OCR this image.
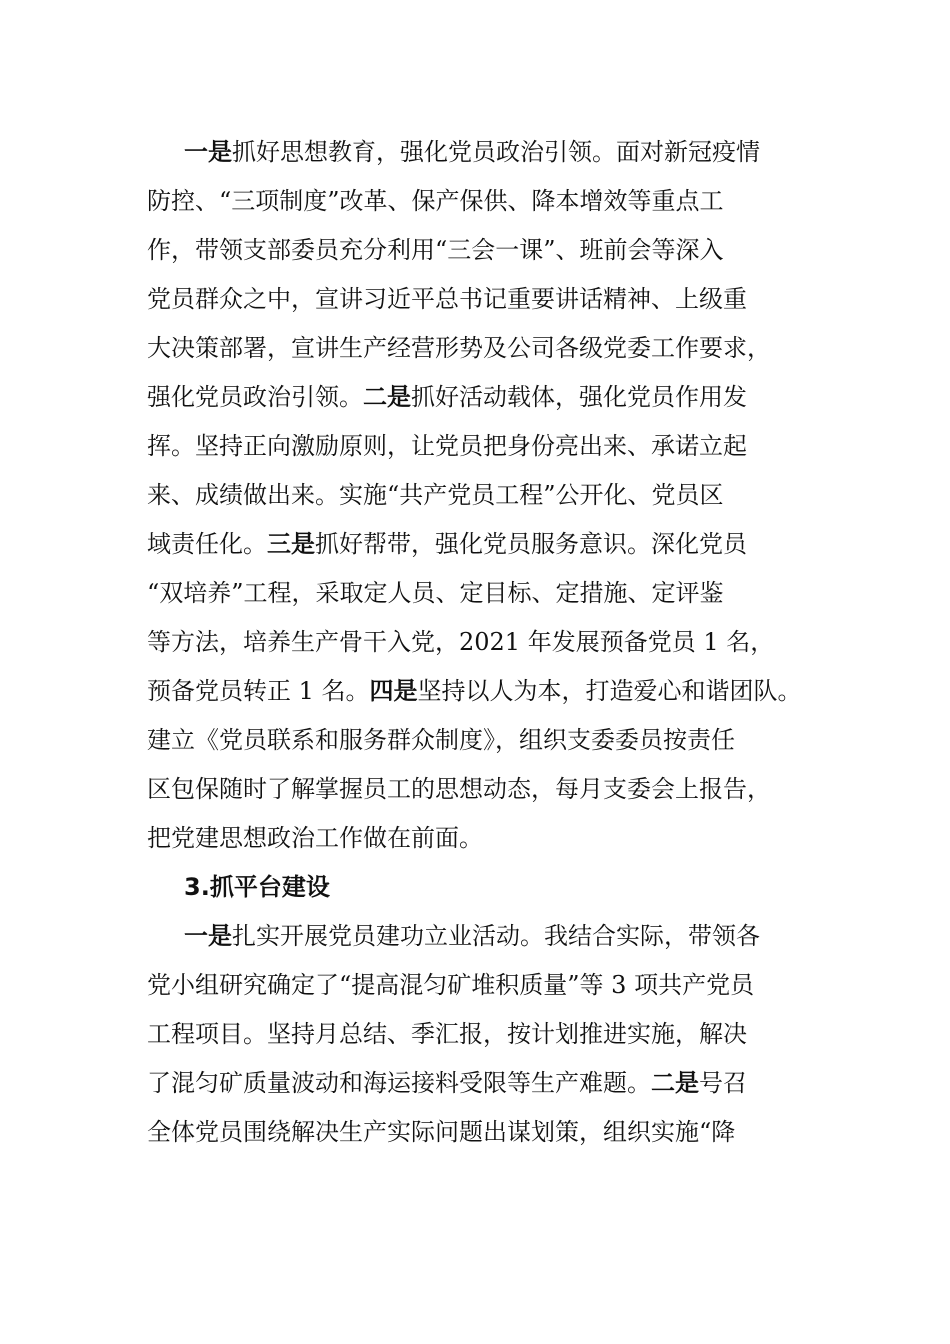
一是抓好思想教育，强化党员政治引领。面对新冠疫情
防控、“三项制度”改革、保产保供、降本增效等重点工
作，带领支部委员充分利用“三会一课”、班前会等深入
党员群众之中，宣讲习近平总书记重要讲话精神、上级重
大决策部署，宣讲生产经营形势及公司各级党委工作要求，
强化党员政治引领。二是抓好活动载体，强化党员作用发
挥。坚持正向激励原则，让党员把身份亮出来、承诺立起
来、成绩做出来。实施“共产党员工程”公开化、党员区
域责任化。三是抓好帮带，强化党员服务意识。深化党员
“双培养”工程，采取定人员、定目标、定措施、定评鉴
等方法，培养生产骨干入党，2021 年发展预备党员 1 名，
预备党员转正 1 名。四是坚持以人为本，打造爱心和谐团队。
建立《党员联系和服务群众制度》，组织支委委员按责任
区包保随时了解掌握员工的思想动态，每月支委会上报告，
把党建思想政治工作做在前面。
3.抓平台建设
一是扎实开展党员建功立业活动。我结合实际，带领各
党小组研究确定了“提高混匀矿堆积质量”等 3 项共产党员
工程项目。坚持月总结、季汇报，按计划推进实施，解决
了混匀矿质量波动和海运接料受限等生产难题。二是号召
全体党员围绕解决生产实际问题出谋划策，组织实施“降
